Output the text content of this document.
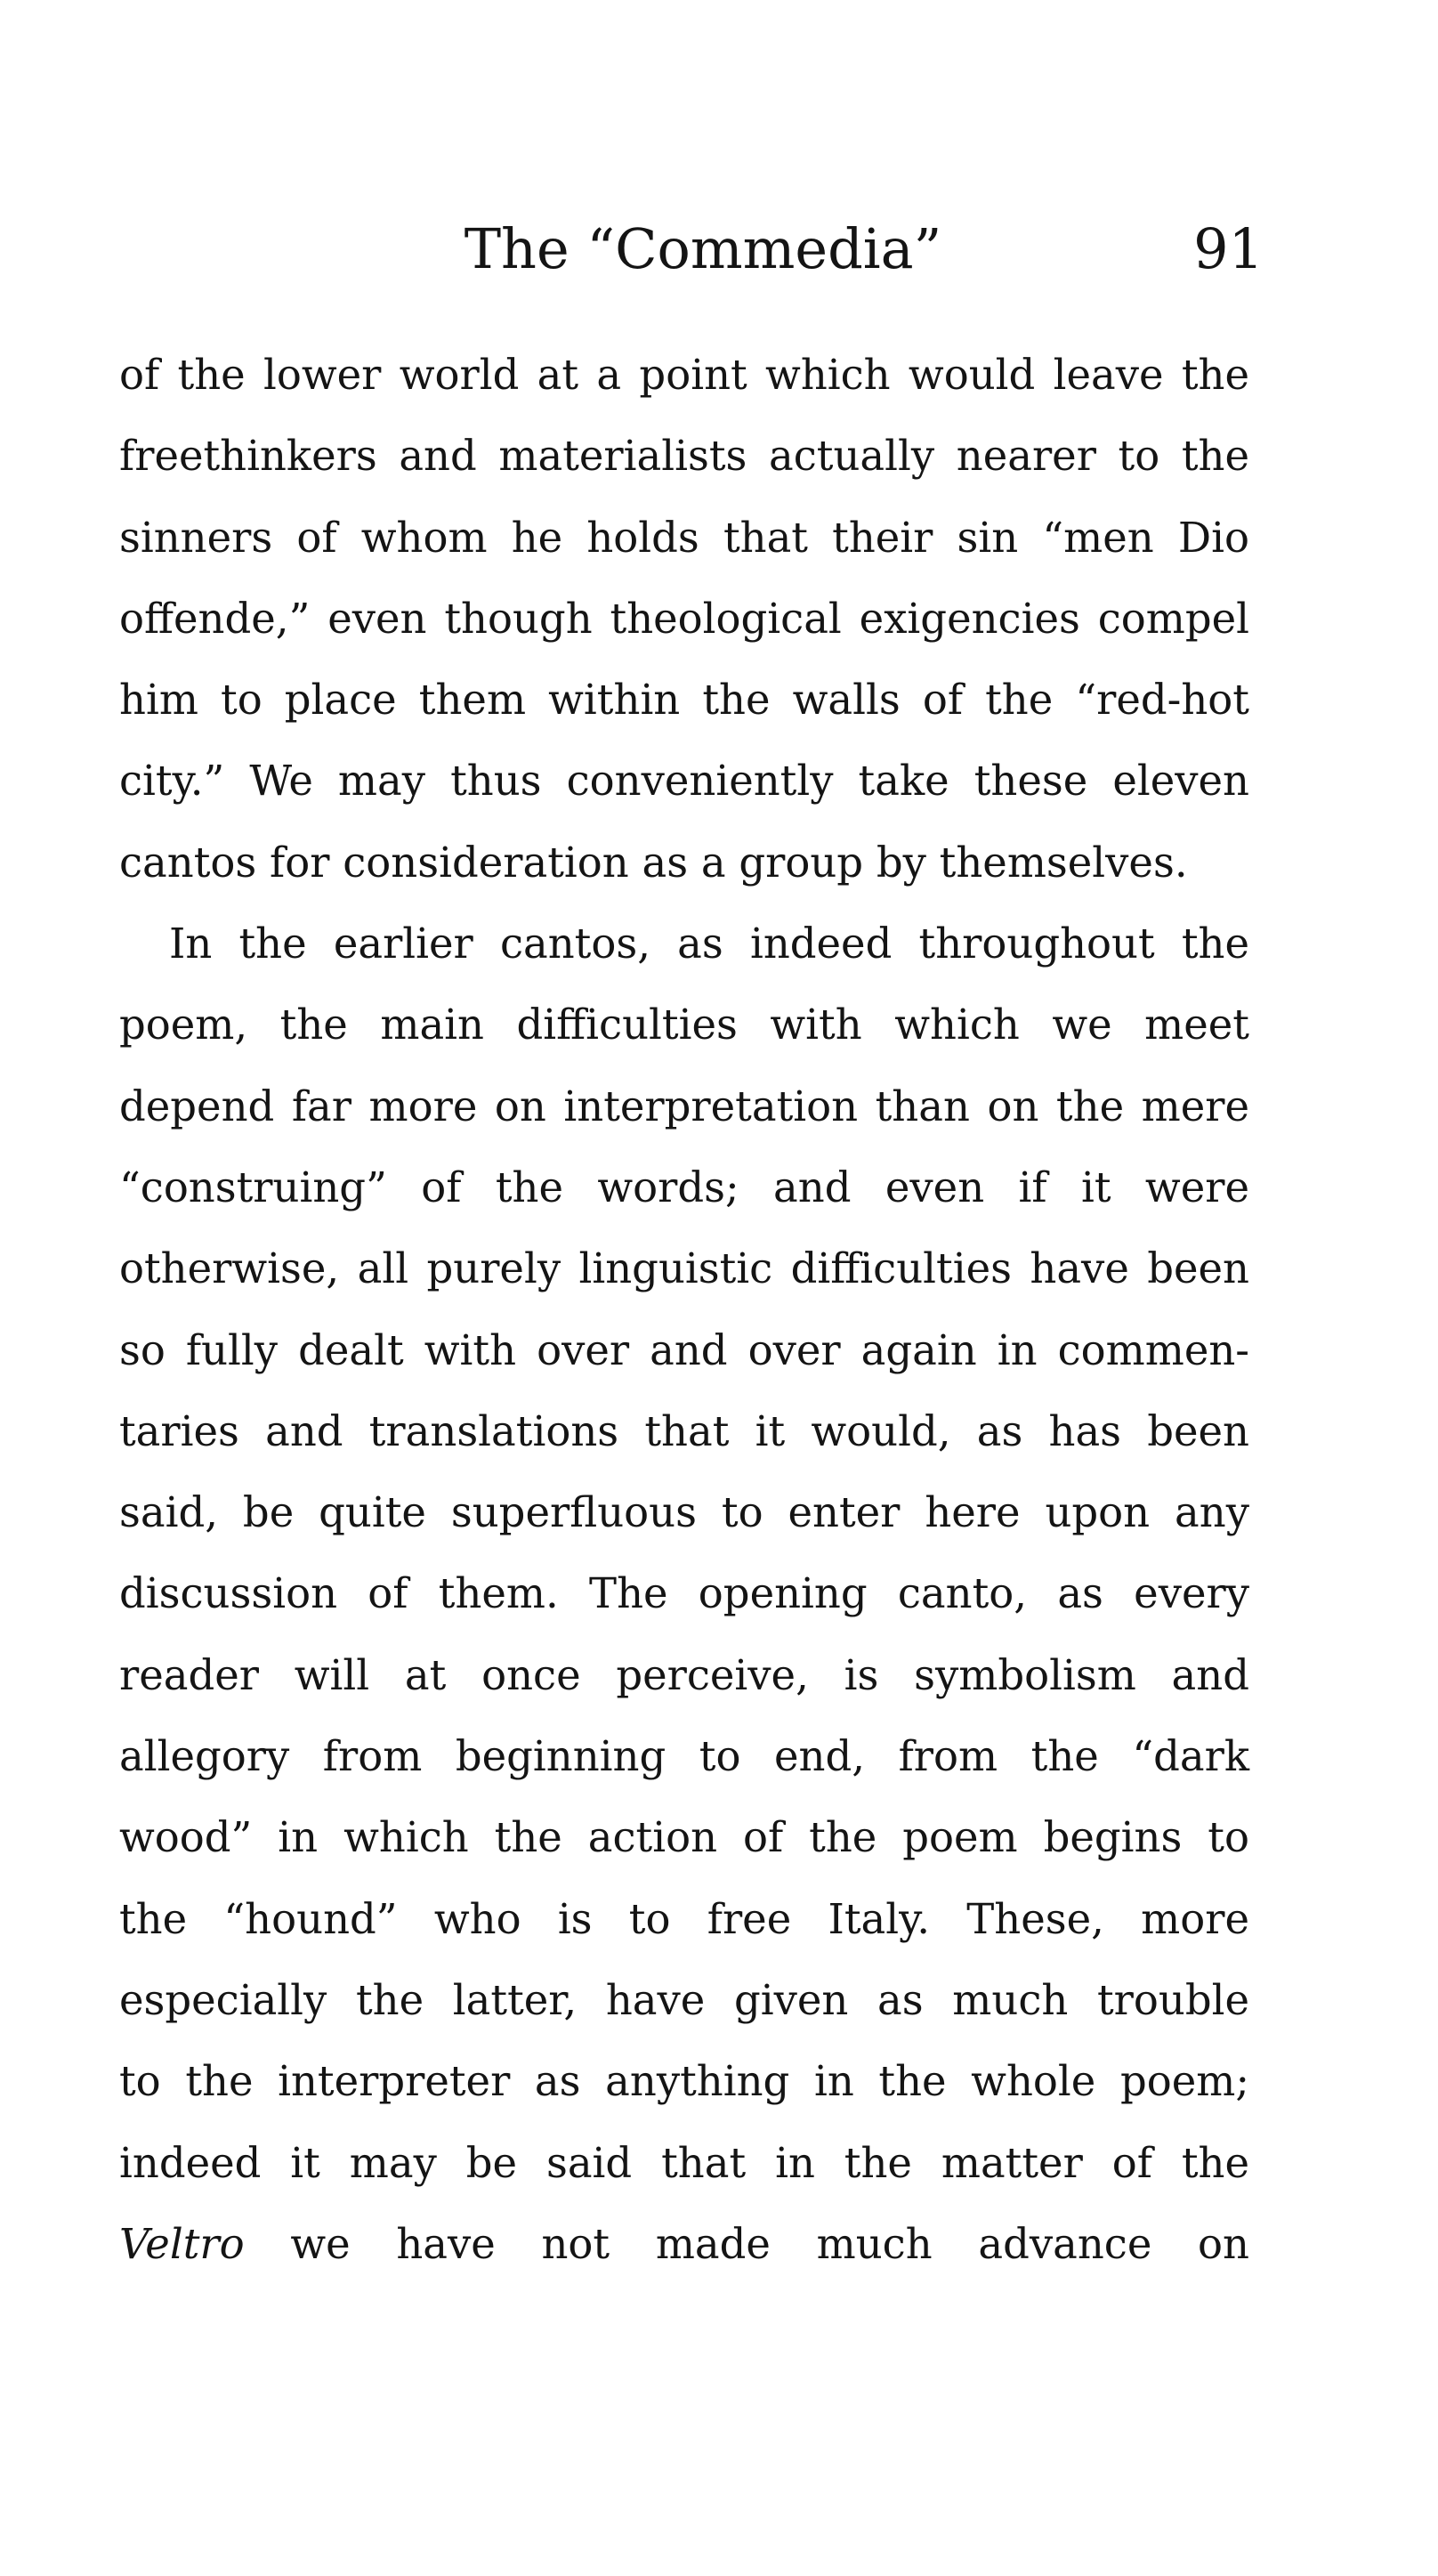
The “Commedia”	91
of the lower world at a point which would leave the
freethinkers and materialists actually nearer to the
sinners of whom he holds that their sin “men Dio
offende,” even though theological exigencies compel
him to place them within the walls of the “red-hot
city.” We may thus conveniently take these eleven
cantos for consideration as a group by themselves.
In the earlier cantos, as indeed throughout the
poem, the main difficulties with which we meet
depend far more on interpretation than on the mere
“construing” of the words; and even if it were
otherwise, all purely linguistic difficulties have been
so fully dealt with over and over again in commen-
taries and translations that it would, as has been
said, be quite superfluous to enter here upon any
discussion of them. The opening canto, as every
reader will at once perceive, is symbolism and
allegory from beginning to end, from the “dark
wood” in which the action of the poem begins to
the “hound” who is to free Italy. These, more
especially the latter, have given as much trouble
to the interpreter as anything in the whole poem;
indeed it may be said that in the matter of the
Veltro we have not made much advance on
